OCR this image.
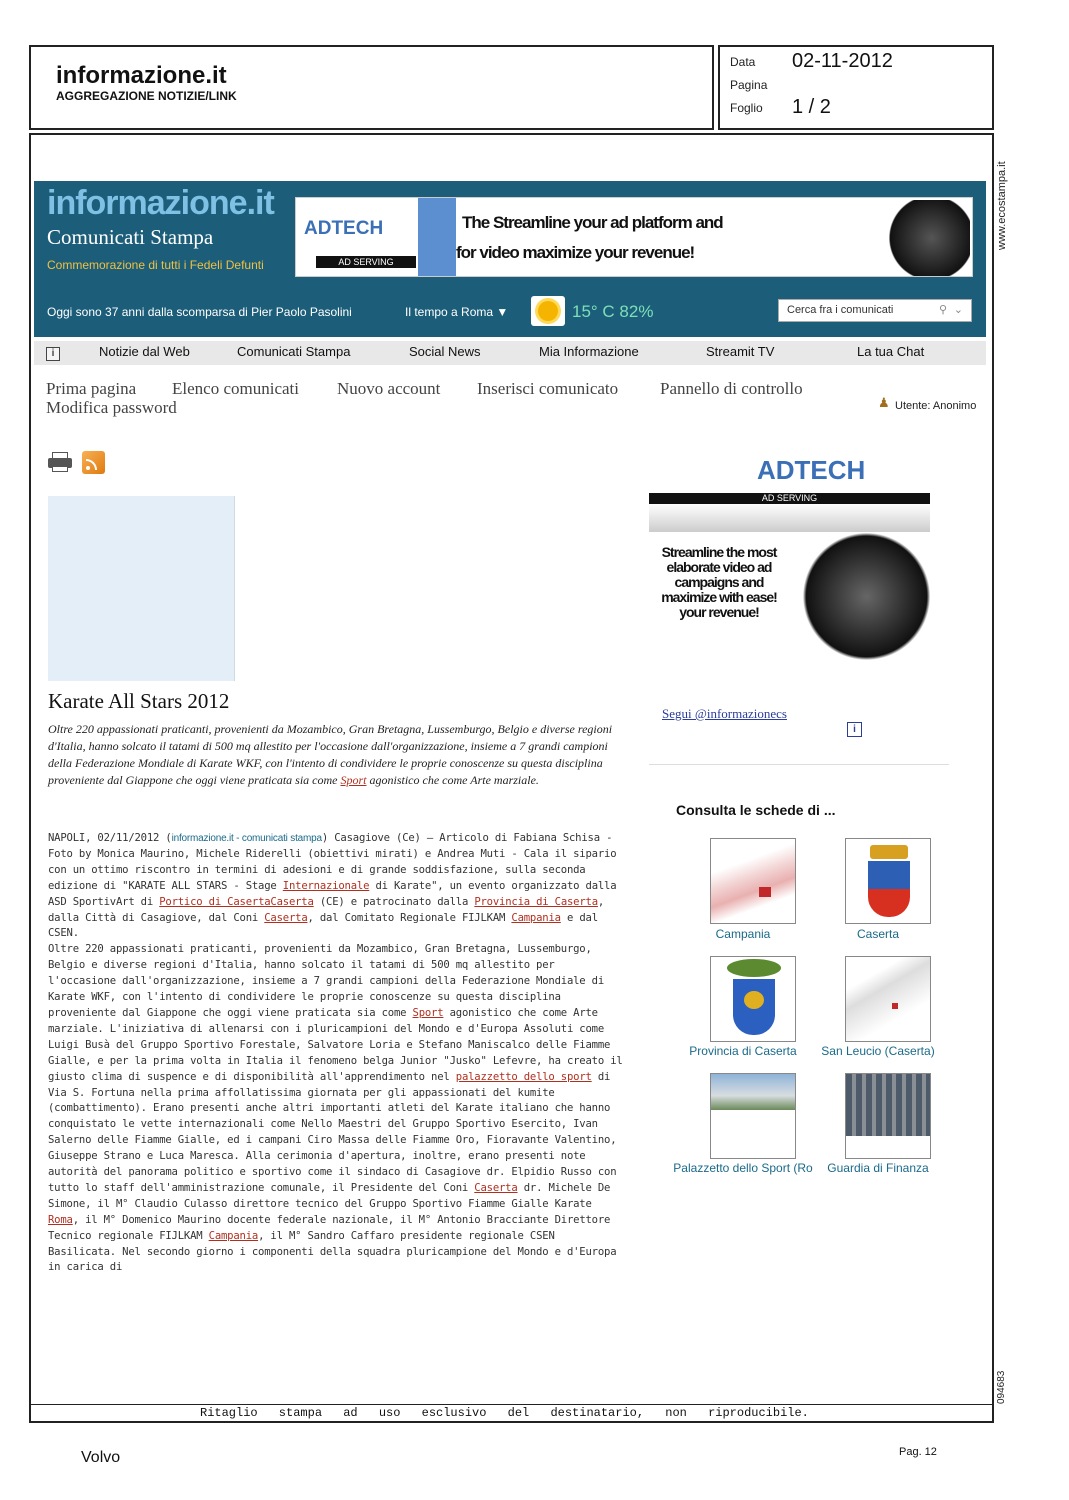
informazione.it
AGGREGAZIONE NOTIZIE/LINK
Data 02-11-2012
Pagina
Foglio 1 / 2
www.ecostampa.it
094683
informazione.it
Comunicati Stampa
Commemorazione di tutti i Fedeli Defunti
ADTECH
AD SERVING
The Streamline your ad platform and
for video maximize your revenue!
Oggi sono 37 anni dalla scomparsa di Pier Paolo Pasolini	Il tempo a Roma ▼	15° C 82%	Cerca fra i comunicati	⚲ ⌄
i	Notizie dal Web	Comunicati Stampa	Social News	Mia Informazione	Streamit TV	La tua Chat
Prima pagina Elenco comunicati Nuovo account Inserisci comunicato Pannello di controllo
Modifica password	♟ Utente: Anonimo
ADTECH
AD SERVING
Streamline the most elaborate video ad campaigns and maximize with ease! your revenue!
Karate All Stars 2012
Oltre 220 appassionati praticanti, provenienti da Mozambico, Gran Bretagna, Lussemburgo, Belgio e diverse regioni d'Italia, hanno solcato il tatami di 500 mq allestito per l'occasione dall'organizzazione, insieme a 7 grandi campioni della Federazione Mondiale di Karate WKF, con l'intento di condividere le proprie conoscenze su questa disciplina proveniente dal Giappone che oggi viene praticata sia come Sport agonistico che come Arte marziale.
NAPOLI, 02/11/2012 (informazione.it - comunicati stampa) Casagiove (Ce) – Articolo di Fabiana Schisa - Foto by Monica Maurino, Michele Riderelli (obiettivi mirati) e Andrea Muti - Cala il sipario con un ottimo riscontro in termini di adesioni e di grande soddisfazione, sulla seconda edizione di "KARATE ALL STARS - Stage Internazionale di Karate", un evento organizzato dalla ASD SportivArt di Portico di CasertaCaserta (CE) e patrocinato dalla Provincia di Caserta, dalla Città di Casagiove, dal Coni Caserta, dal Comitato Regionale FIJLKAM Campania e dal CSEN.
Oltre 220 appassionati praticanti, provenienti da Mozambico, Gran Bretagna, Lussemburgo, Belgio e diverse regioni d'Italia, hanno solcato il tatami di 500 mq allestito per l'occasione dall'organizzazione, insieme a 7 grandi campioni della Federazione Mondiale di Karate WKF, con l'intento di condividere le proprie conoscenze su questa disciplina proveniente dal Giappone che oggi viene praticata sia come Sport agonistico che come Arte marziale. L'iniziativa di allenarsi con i pluricampioni del Mondo e d'Europa Assoluti come Luigi Busà del Gruppo Sportivo Forestale, Salvatore Loria e Stefano Maniscalco delle Fiamme Gialle, e per la prima volta in Italia il fenomeno belga Junior "Jusko" Lefevre, ha creato il giusto clima di suspence e di disponibilità all'apprendimento nel palazzetto dello sport di Via S. Fortuna nella prima affollatissima giornata per gli appassionati del kumite (combattimento). Erano presenti anche altri importanti atleti del Karate italiano che hanno conquistato le vette internazionali come Nello Maestri del Gruppo Sportivo Esercito, Ivan Salerno delle Fiamme Gialle, ed i campani Ciro Massa delle Fiamme Oro, Fioravante Valentino, Giuseppe Strano e Luca Maresca. Alla cerimonia d'apertura, inoltre, erano presenti note autorità del panorama politico e sportivo come il sindaco di Casagiove dr. Elpidio Russo con tutto lo staff dell'amministrazione comunale, il Presidente del Coni Caserta dr. Michele De Simone, il M° Claudio Culasso direttore tecnico del Gruppo Sportivo Fiamme Gialle Karate Roma, il M° Domenico Maurino docente federale nazionale, il M° Antonio Bracciante Direttore Tecnico regionale FIJLKAM Campania, il M° Sandro Caffaro presidente regionale CSEN Basilicata. Nel secondo giorno i componenti della squadra pluricampione del Mondo e d'Europa in carica di
Segui @informazionecs
i
Consulta le schede di ...
Campania	Caserta
Provincia di Caserta	San Leucio (Caserta)
Palazzetto dello Sport (Ro	Guardia di Finanza
Ritaglio stampa ad uso esclusivo del destinatario, non riproducibile.
Volvo	Pag. 12
